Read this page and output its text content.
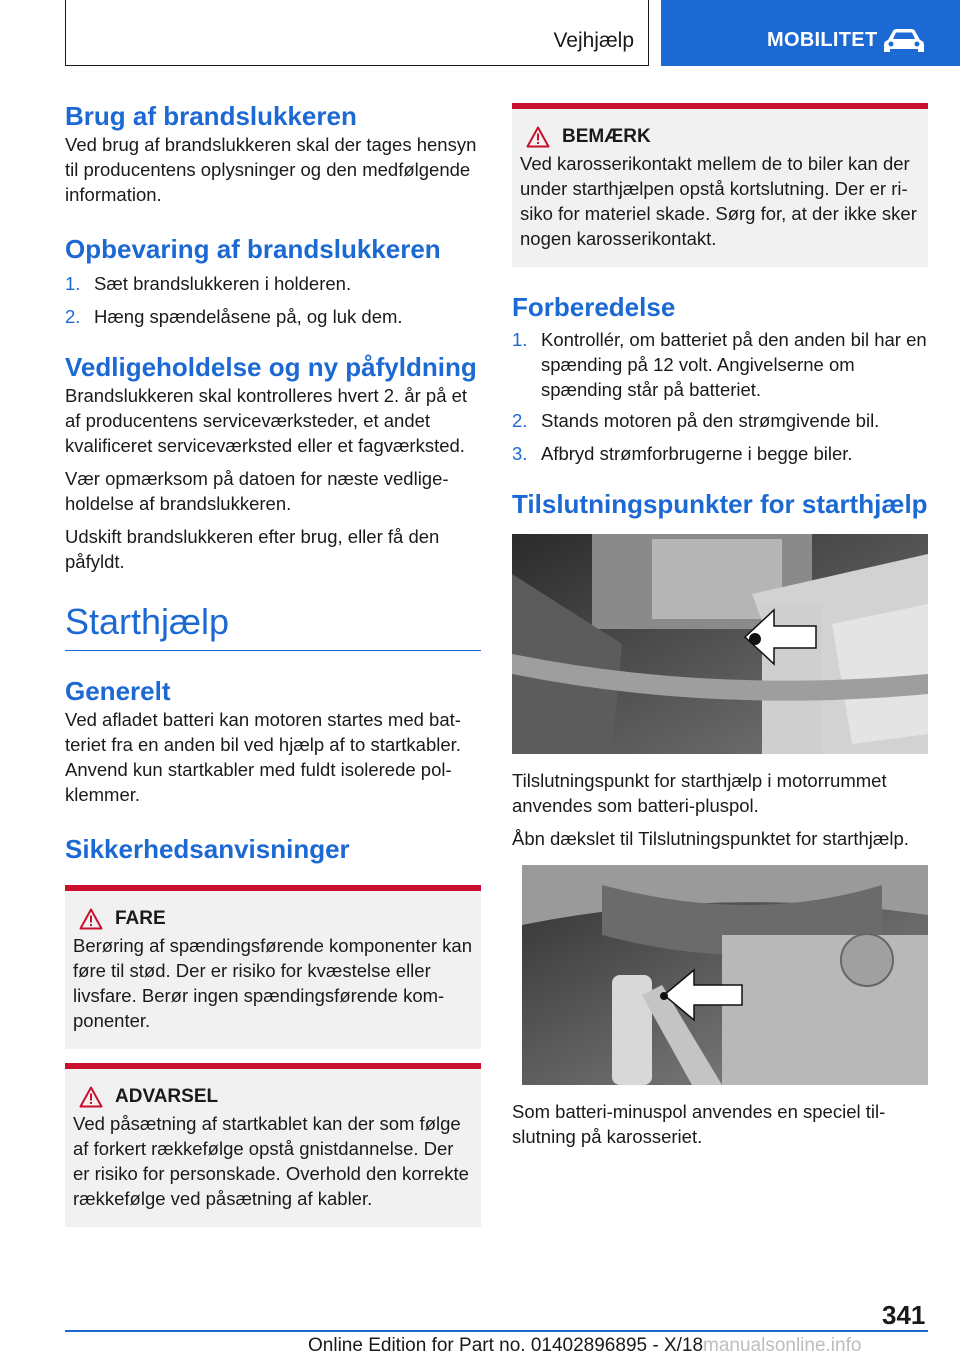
Vejhjælp	MOBILITET
Brug af brandslukkeren

Ved brug af brandslukkeren skal der tages hensyn til producentens oplysninger og den medfølgende information.

Opbevaring af brandslukkeren
1. Sæt brandslukkeren i holderen.
2. Hæng spændelåsene på, og luk dem.
Vedligeholdelse og ny påfyldning

Brandslukkeren skal kontrolleres hvert 2. år på et af producentens serviceværksteder, et andet kvalificeret serviceværksted eller et fagværksted.

Vær opmærksom på datoen for næste vedligeholdelse af brandslukkeren.

Udskift brandslukkeren efter brug, eller få den påfyldt.

Starthjælp
Generelt

Ved afladet batteri kan motoren startes med batteriet fra en anden bil ved hjælp af to startkabler. Anvend kun startkabler med fuldt isolerede polklemmer.

Sikkerhedsanvisninger
FARE

Berøring af spændingsførende komponenter kan føre til stød. Der er risiko for kvæstelse eller livsfare. Berør ingen spændingsførende komponenter.

ADVARSEL

Ved påsætning af startkablet kan der som følge af forkert rækkefølge opstå gnistdannelse. Der er risiko for personskade. Overhold den korrekte rækkefølge ved påsætning af kabler.

BEMÆRK

Ved karosserikontakt mellem de to biler kan der under starthjælpen opstå kortslutning. Der er risiko for materiel skade. Sørg for, at der ikke sker nogen karosserikontakt.

Forberedelse
1. Kontrollér, om batteriet på den anden bil har en spænding på 12 volt. Angivelserne om spænding står på batteriet.
2. Stands motoren på den strømgivende bil.
3. Afbryd strømforbrugerne i begge biler.
Tilslutningspunkter for starthjælp

Tilslutningspunkt for starthjælp i motorrummet anvendes som batteri-pluspol.

Åbn dækslet til Tilslutningspunktet for starthjælp.

Som batteri-minuspol anvendes en speciel tilslutning på karosseriet.

341
Online Edition for Part no. 01402896895 - X/18 manualsonline.info
